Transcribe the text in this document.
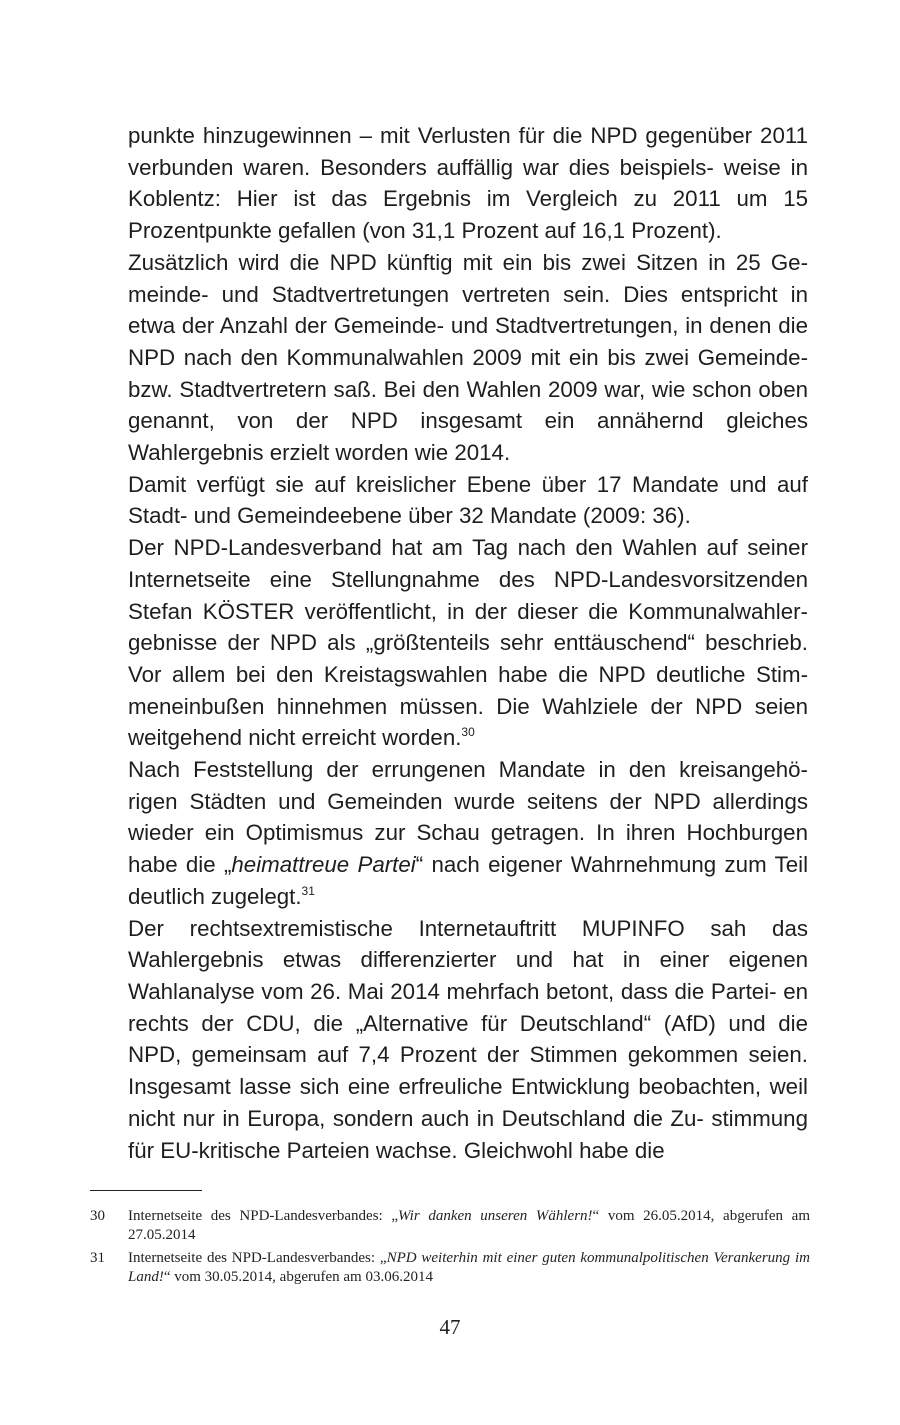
punkte hinzugewinnen – mit Verlusten für die NPD gegenüber 2011 verbunden waren. Besonders auffällig war dies beispiels- weise in Koblentz: Hier ist das Ergebnis im Vergleich zu 2011 um 15 Prozentpunkte gefallen (von 31,1 Prozent auf 16,1 Prozent).

Zusätzlich wird die NPD künftig mit ein bis zwei Sitzen in 25 Ge- meinde- und Stadtvertretungen vertreten sein. Dies entspricht in etwa der Anzahl der Gemeinde- und Stadtvertretungen, in denen die NPD nach den Kommunalwahlen 2009 mit ein bis zwei Gemeinde- bzw. Stadtvertretern saß. Bei den Wahlen 2009 war, wie schon oben genannt, von der NPD insgesamt ein annähernd gleiches Wahlergebnis erzielt worden wie 2014.

Damit verfügt sie auf kreislicher Ebene über 17 Mandate und auf Stadt- und Gemeindeebene über 32 Mandate (2009: 36).

Der NPD-Landesverband hat am Tag nach den Wahlen auf seiner Internetseite eine Stellungnahme des NPD-Landesvorsitzenden Stefan KÖSTER veröffentlicht, in der dieser die Kommunalwahler- gebnisse der NPD als „größtenteils sehr enttäuschend“ beschrieb. Vor allem bei den Kreistagswahlen habe die NPD deutliche Stim- meneinbußen hinnehmen müssen. Die Wahlziele der NPD seien weitgehend nicht erreicht worden.$^{30}$

Nach Feststellung der errungenen Mandate in den kreisangehö- rigen Städten und Gemeinden wurde seitens der NPD allerdings wieder ein Optimismus zur Schau getragen. In ihren Hochburgen habe die „heimattreue Partei“ nach eigener Wahrnehmung zum Teil deutlich zugelegt.$^{31}$

Der rechtsextremistische Internetauftritt MUPINFO sah das Wahlergebnis etwas differenzierter und hat in einer eigenen Wahlanalyse vom 26. Mai 2014 mehrfach betont, dass die Partei- en rechts der CDU, die „Alternative für Deutschland“ (AfD) und die NPD, gemeinsam auf 7,4 Prozent der Stimmen gekommen seien. Insgesamt lasse sich eine erfreuliche Entwicklung beobachten, weil nicht nur in Europa, sondern auch in Deutschland die Zu- stimmung für EU-kritische Parteien wachse. Gleichwohl habe die

30	Internetseite des NPD-Landesverbandes: „Wir danken unseren Wählern!“ vom 26.05.2014, abgerufen am 27.05.2014
31	Internetseite des NPD-Landesverbandes: „NPD weiterhin mit einer guten kommunalpolitischen Verankerung im Land!“ vom 30.05.2014, abgerufen am 03.06.2014
47
